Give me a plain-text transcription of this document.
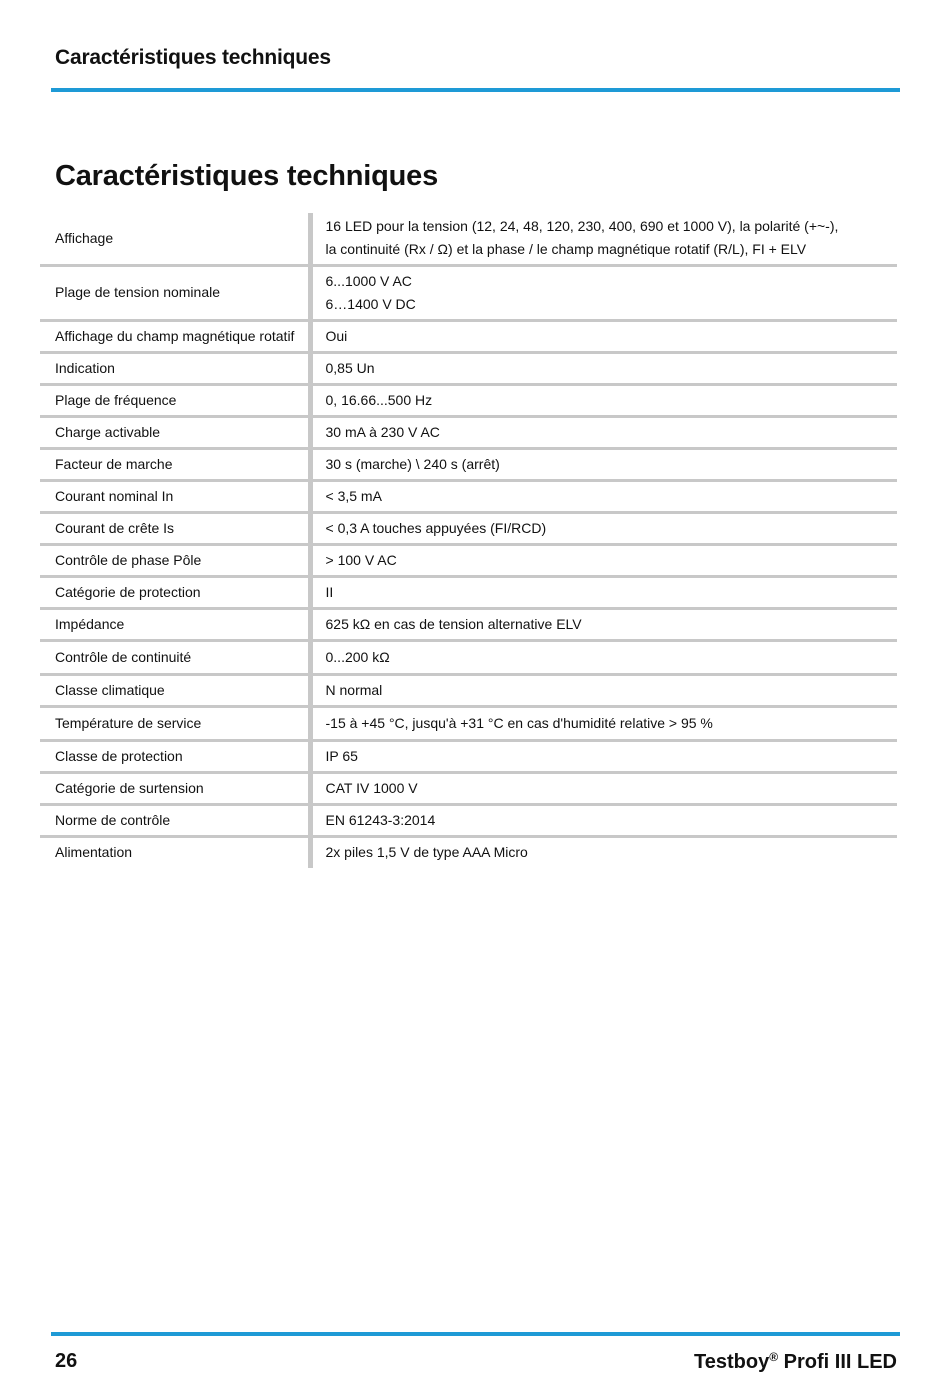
Caractéristiques techniques
Caractéristiques techniques
Affichage	16 LED pour la tension (12, 24, 48, 120, 230, 400, 690 et 1000 V), la polarité (+~-),
la continuité (Rx / Ω) et la phase / le champ magnétique rotatif (R/L), FI + ELV

Plage de tension nominale	6...1000 V AC
6…1400 V DC

Affichage du champ magnétique rotatif	Oui

Indication	0,85 Un

Plage de fréquence	0, 16.66...500 Hz

Charge activable	30 mA à 230 V AC

Facteur de marche	30 s (marche) \ 240 s (arrêt)

Courant nominal In	< 3,5 mA

Courant de crête Is	< 0,3 A touches appuyées (FI/RCD)

Contrôle de phase Pôle	> 100 V AC

Catégorie de protection	II

Impédance	625 kΩ en cas de tension alternative ELV

Contrôle de continuité	0...200 kΩ

Classe climatique	N normal

Température de service	-15 à +45 °C, jusqu'à +31 °C en cas d'humidité relative > 95 %

Classe de protection	IP 65

Catégorie de surtension	CAT IV 1000 V

Norme de contrôle	EN 61243-3:2014

Alimentation	2x piles 1,5 V de type AAA Micro
26	Testboy® Profi III LED
